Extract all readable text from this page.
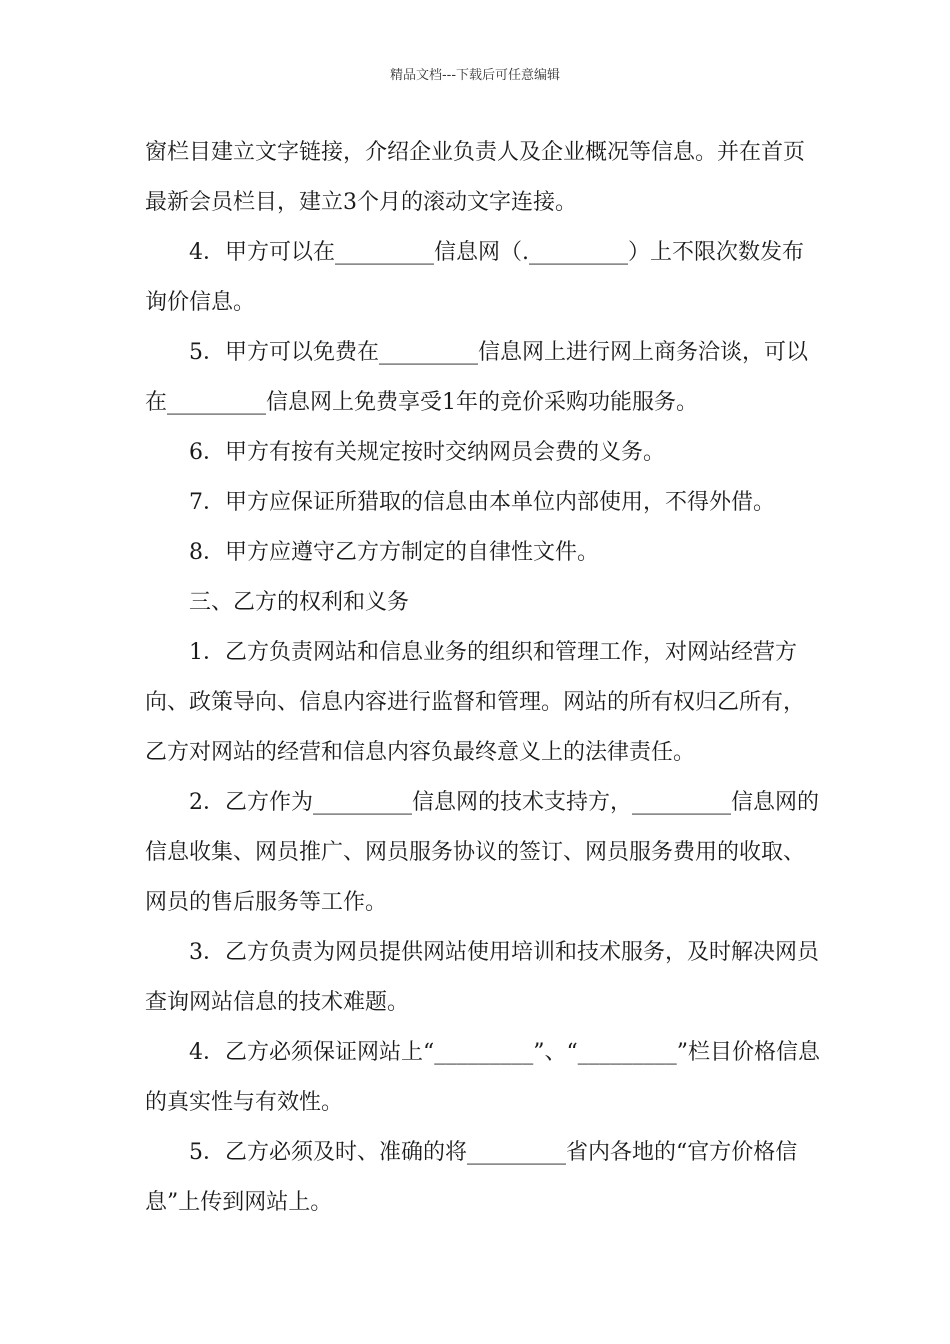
精品文档---下载后可任意编辑

窗栏目建立文字链接，介绍企业负责人及企业概况等信息。并在首页最新会员栏目，建立3个月的滚动文字连接。

4．甲方可以在_________信息网（._________）上不限次数发布询价信息。

5．甲方可以免费在_________信息网上进行网上商务洽谈，可以在_________信息网上免费享受1年的竞价采购功能服务。

6．甲方有按有关规定按时交纳网员会费的义务。

7．甲方应保证所猎取的信息由本单位内部使用，不得外借。

8．甲方应遵守乙方方制定的自律性文件。

三、乙方的权利和义务

1．乙方负责网站和信息业务的组织和管理工作，对网站经营方向、政策导向、信息内容进行监督和管理。网站的所有权归乙所有，乙方对网站的经营和信息内容负最终意义上的法律责任。

2．乙方作为_________信息网的技术支持方，_________信息网的信息收集、网员推广、网员服务协议的签订、网员服务费用的收取、网员的售后服务等工作。

3．乙方负责为网员提供网站使用培训和技术服务，及时解决网员查询网站信息的技术难题。

4．乙方必须保证网站上“_________”、“_________”栏目价格信息的真实性与有效性。

5．乙方必须及时、准确的将_________省内各地的“官方价格信息”上传到网站上。
